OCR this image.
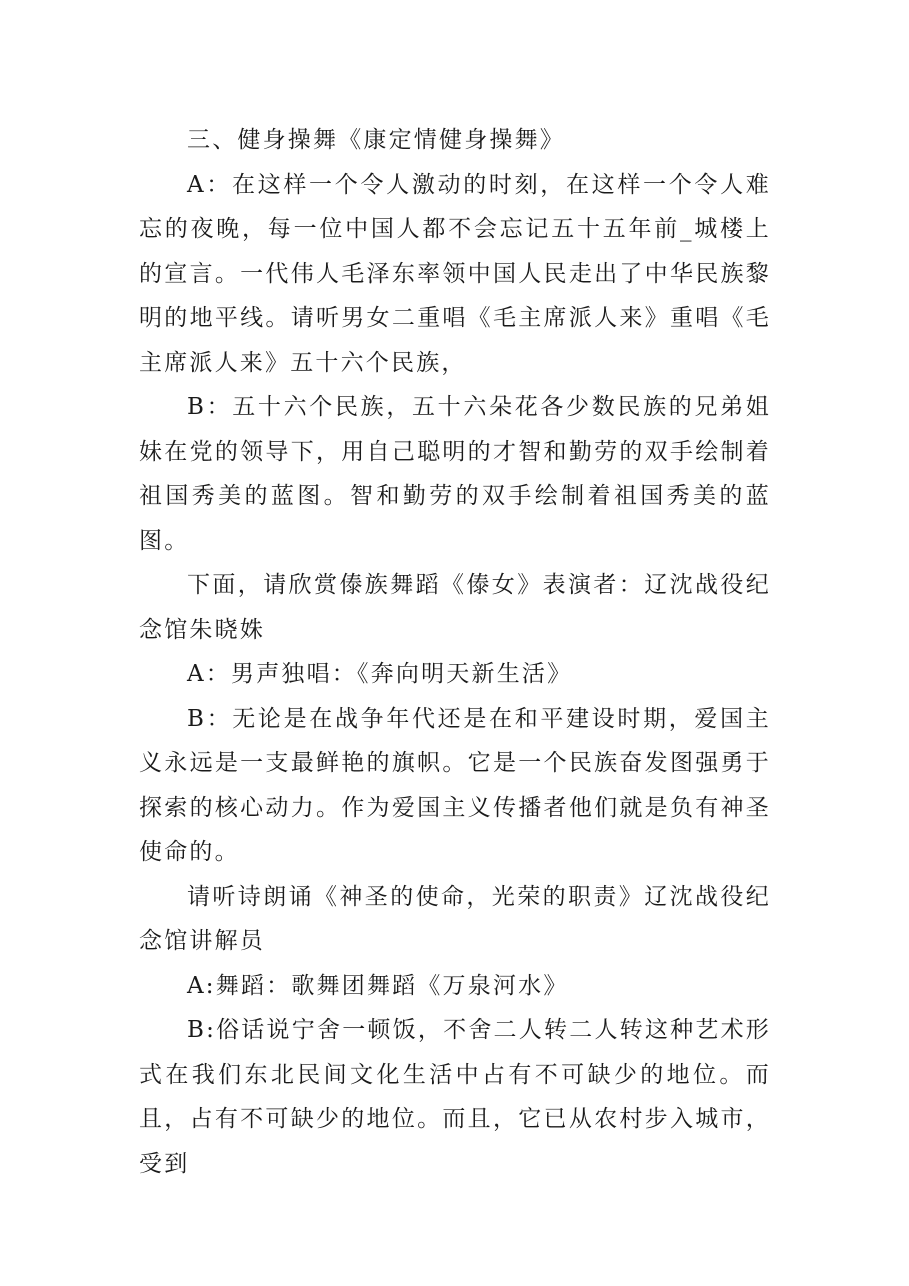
三、健身操舞《康定情健身操舞》

A：在这样一个令人激动的时刻，在这样一个令人难忘的夜晚，每一位中国人都不会忘记五十五年前_城楼上的宣言。一代伟人毛泽东率领中国人民走出了中华民族黎明的地平线。请听男女二重唱《毛主席派人来》重唱《毛主席派人来》五十六个民族，

B：五十六个民族，五十六朵花各少数民族的兄弟姐妹在党的领导下，用自己聪明的才智和勤劳的双手绘制着祖国秀美的蓝图。智和勤劳的双手绘制着祖国秀美的蓝图。

下面，请欣赏傣族舞蹈《傣女》表演者：辽沈战役纪念馆朱晓姝

A：男声独唱：《奔向明天新生活》

B：无论是在战争年代还是在和平建设时期，爱国主义永远是一支最鲜艳的旗帜。它是一个民族奋发图强勇于探索的核心动力。作为爱国主义传播者他们就是负有神圣使命的。

请听诗朗诵《神圣的使命，光荣的职责》辽沈战役纪念馆讲解员

A:舞蹈：歌舞团舞蹈《万泉河水》

B:俗话说宁舍一顿饭，不舍二人转二人转这种艺术形式在我们东北民间文化生活中占有不可缺少的地位。而且，占有不可缺少的地位。而且，它已从农村步入城市，受到
